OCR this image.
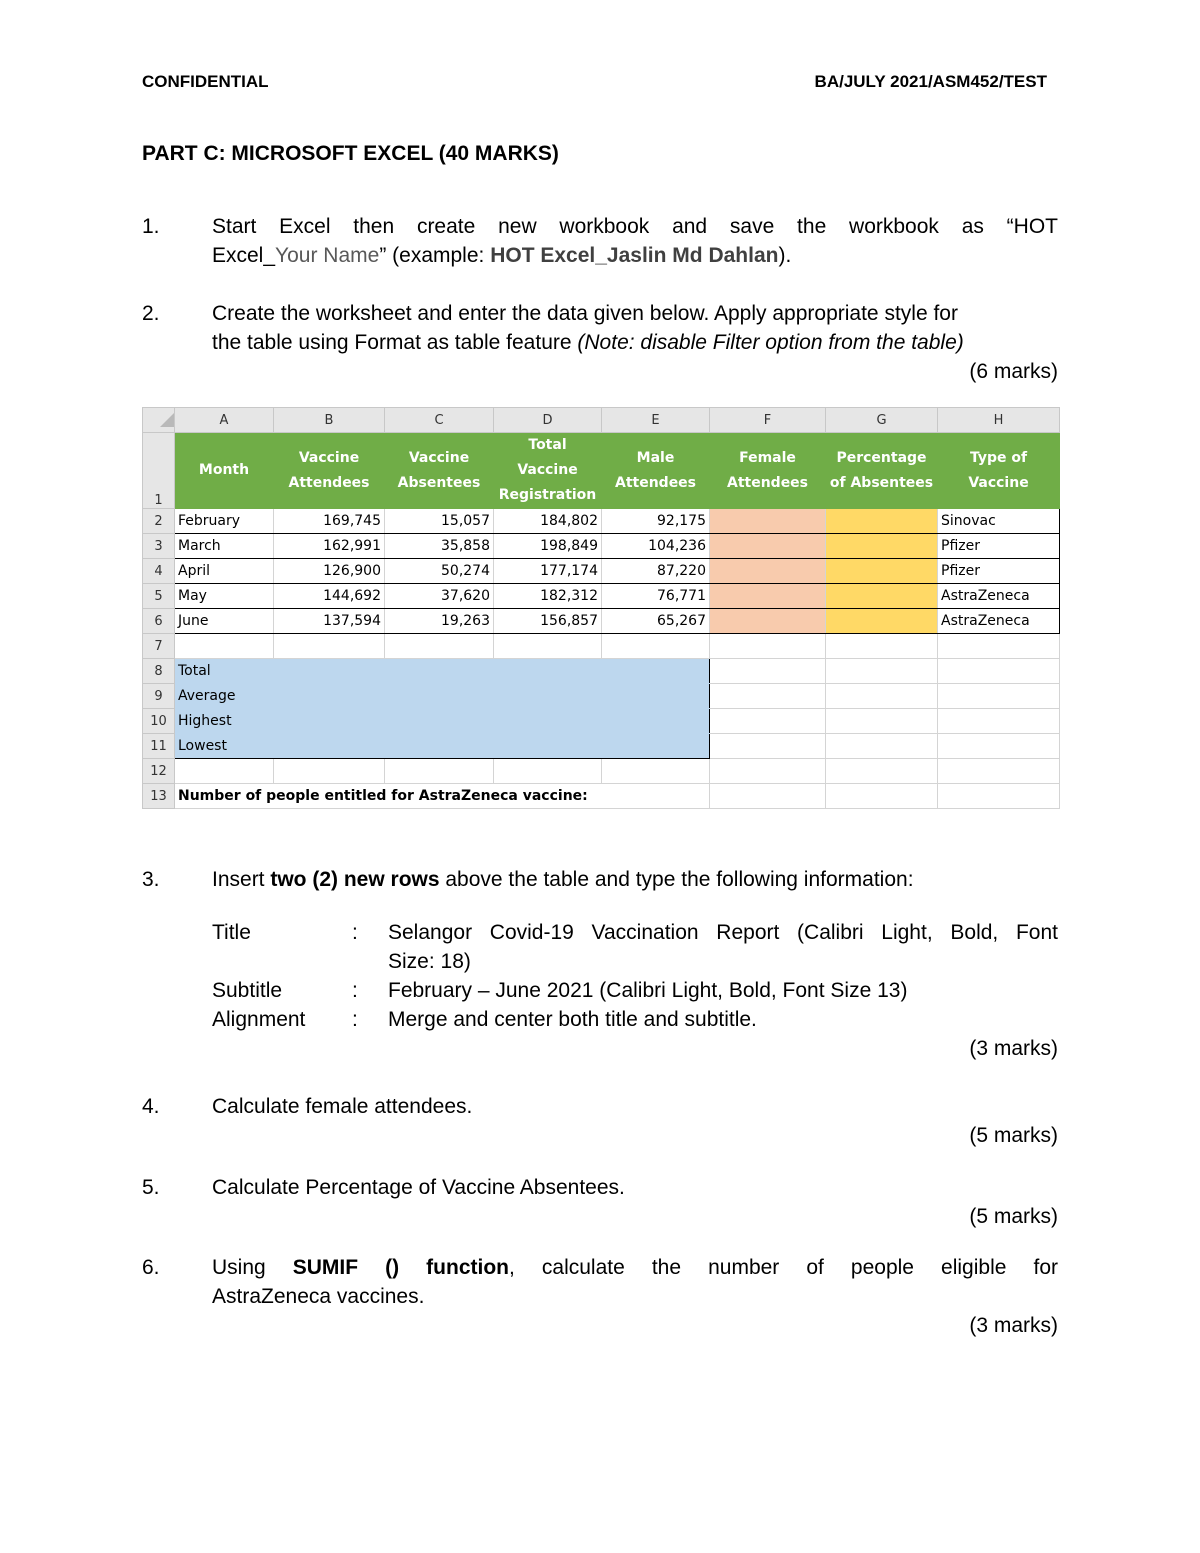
CONFIDENTIAL	BA/JULY 2021/ASM452/TEST
PART C: MICROSOFT EXCEL (40 MARKS)
1. Start Excel then create new workbook and save the workbook as “HOT
Excel_Your Name” (example: HOT Excel_Jaslin Md Dahlan).
2. Create the worksheet and enter the data given below. Apply appropriate style for
the table using Format as table feature (Note: disable Filter option from the table)
(6 marks)
	A	B	C	D	E	F	G	H
1	Month	Vaccine Attendees	Vaccine Absentees	Total Vaccine Registration	Male Attendees	Female Attendees	Percentage of Absentees	Type of Vaccine
2	February	169,745	15,057	184,802	92,175			Sinovac
3	March	162,991	35,858	198,849	104,236			Pfizer
4	April	126,900	50,274	177,174	87,220			Pfizer
5	May	144,692	37,620	182,312	76,771			AstraZeneca
6	June	137,594	19,263	156,857	65,267			AstraZeneca
7								
8	Total							
9	Average							
10	Highest							
11	Lowest							
12								
13	Number of people entitled for AstraZeneca vaccine:							
3. Insert two (2) new rows above the table and type the following information:
Title	:	Selangor Covid-19 Vaccination Report (Calibri Light, Bold, Font
Size: 18)
Subtitle	:	February – June 2021 (Calibri Light, Bold, Font Size 13)
Alignment	:	Merge and center both title and subtitle.
(3 marks)
4. Calculate female attendees.
(5 marks)
5. Calculate Percentage of Vaccine Absentees.
(5 marks)
6. Using SUMIF () function, calculate the number of people eligible for
AstraZeneca vaccines.
(3 marks)
